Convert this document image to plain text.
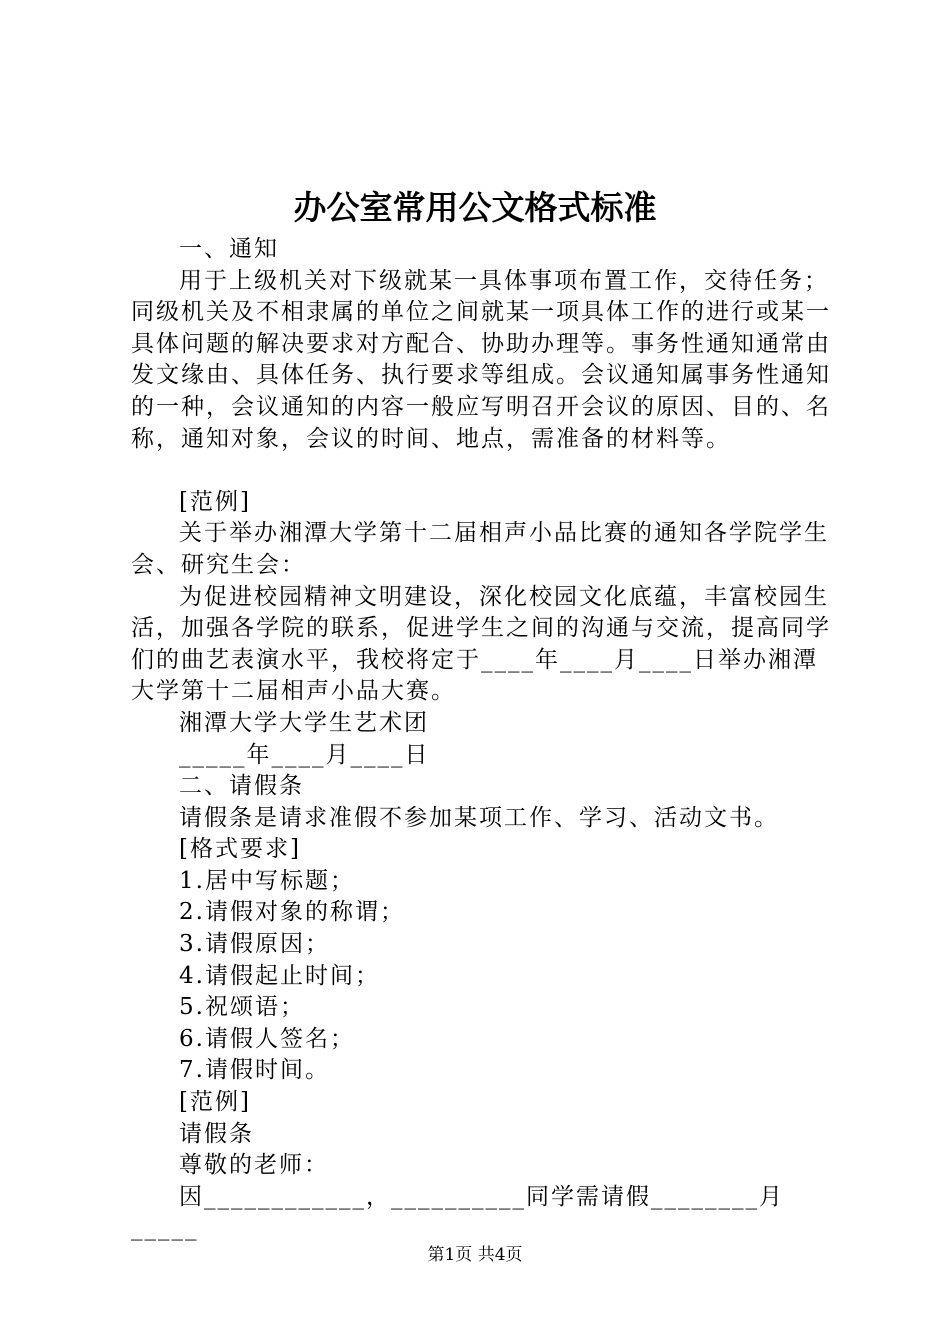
办公室常用公文格式标准

一、通知

用于上级机关对下级就某一具体事项布置工作，交待任务；同级机关及不相隶属的单位之间就某一项具体工作的进行或某一具体问题的解决要求对方配合、协助办理等。事务性通知通常由发文缘由、具体任务、执行要求等组成。会议通知属事务性通知的一种，会议通知的内容一般应写明召开会议的原因、目的、名称，通知对象，会议的时间、地点，需准备的材料等。

[范例]

关于举办湘潭大学第十二届相声小品比赛的通知各学院学生会、研究生会：

为促进校园精神文明建设，深化校园文化底蕴，丰富校园生活，加强各学院的联系，促进学生之间的沟通与交流，提高同学们的曲艺表演水平，我校将定于____年____月____日举办湘潭大学第十二届相声小品大赛。

湘潭大学大学生艺术团

_____年____月____日

二、请假条

请假条是请求准假不参加某项工作、学习、活动文书。

[格式要求]

1.居中写标题；

2.请假对象的称谓；

3.请假原因；

4.请假起止时间；

5.祝颂语；

6.请假人签名；

7.请假时间。

[范例]

请假条

尊敬的老师：

因____________，__________同学需请假________月_____

第1页 共4页
